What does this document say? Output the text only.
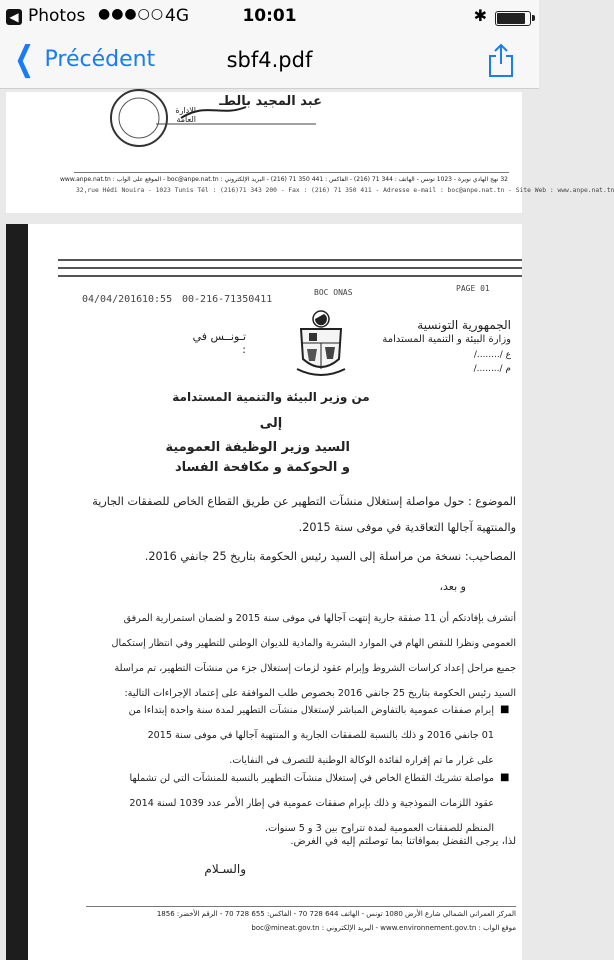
◀ Photos ●●●○○ 4G	10:01	✱
❮ Précédent	sbf4.pdf
عبد المجيد بالطـ
الإدارة العامة
32 نهج الهادي نويرة - 1023 تونس - الهاتف : 344 71 (216) - الفاكس : 441 350 71 (216) - البريد الإلكتروني : boc@anpe.nat.tn - الموقع على الواب : www.anpe.nat.tn
32,rue Hédi Nouira - 1023 Tunis Tél : (216)71 343 200 - Fax : (216) 71 350 411 - Adresse e-mail : boc@anpe.nat.tn - Site Web : www.anpe.nat.tn
04/04/2016 10:55 00-216-71350411
BOC ONAS	PAGE 01
تـونــس في :
الجمهورية التونسية
وزارة البيئة و التنمية المستدامة
ع /......../
م /......../
من وزير البيئة والتنمية المستدامة
إلى
السيد وزير الوظيفة العمومية
و الحوكمة و مكافحة الفساد
الموضوع : حول مواصلة إستغلال منشآت التطهير عن طريق القطاع الخاص للصفقات الجارية
والمنتهية آجالها التعاقدية في موفى سنة 2015.
المصاحيب: نسخة من مراسلة إلى السيد رئيس الحكومة بتاريخ 25 جانفي 2016.
و بعد،
أتشرف بإفادتكم أن 11 صفقة جارية إنتهت آجالها في موفى سنة 2015 و لضمان استمرارية المرفق
العمومي ونظرا للنقص الهام في الموارد البشرية والمادية للديوان الوطني للتطهير وفي انتظار إستكمال
جميع مراحل إعداد كراسات الشروط وإبرام عقود لزمات إستغلال جزء من منشآت التطهير، تم مراسلة
السيد رئيس الحكومة بتاريخ 25 جانفي 2016 بخصوص طلب الموافقة على إعتماد الإجراءات التالية:
■
إبرام صفقات عمومية بالتفاوض المباشر لإستغلال منشآت التطهير لمدة سنة واحدة إبتداءا من
01 جانفي 2016 و ذلك بالنسبة للصفقات الجارية و المنتهية آجالها في موفى سنة 2015
على غرار ما تم إقراره لفائدة الوكالة الوطنية للتصرف في النفايات.
■
مواصلة تشريك القطاع الخاص في إستغلال منشآت التطهير بالنسبة للمنشآت التي لن تشملها
عقود اللزمات النموذجية و ذلك بإبرام صفقات عمومية في إطار الأمر عدد 1039 لسنة 2014
المنظم للصفقات العمومية لمدة تتراوح بين 3 و 5 سنوات.
لذا، يرجى التفضل بموافاتنا بما توصلتم إليه في الغرض.
والسـلام
المركز العمراني الشمالي شارع الأرض 1080 تونس - الهاتف 644 728 70 - الفاكس: 655 728 70 - الرقم الأخضر: 1856
موقع الواب : www.environnement.gov.tn - البريد الإلكتروني : boc@mineat.gov.tn
